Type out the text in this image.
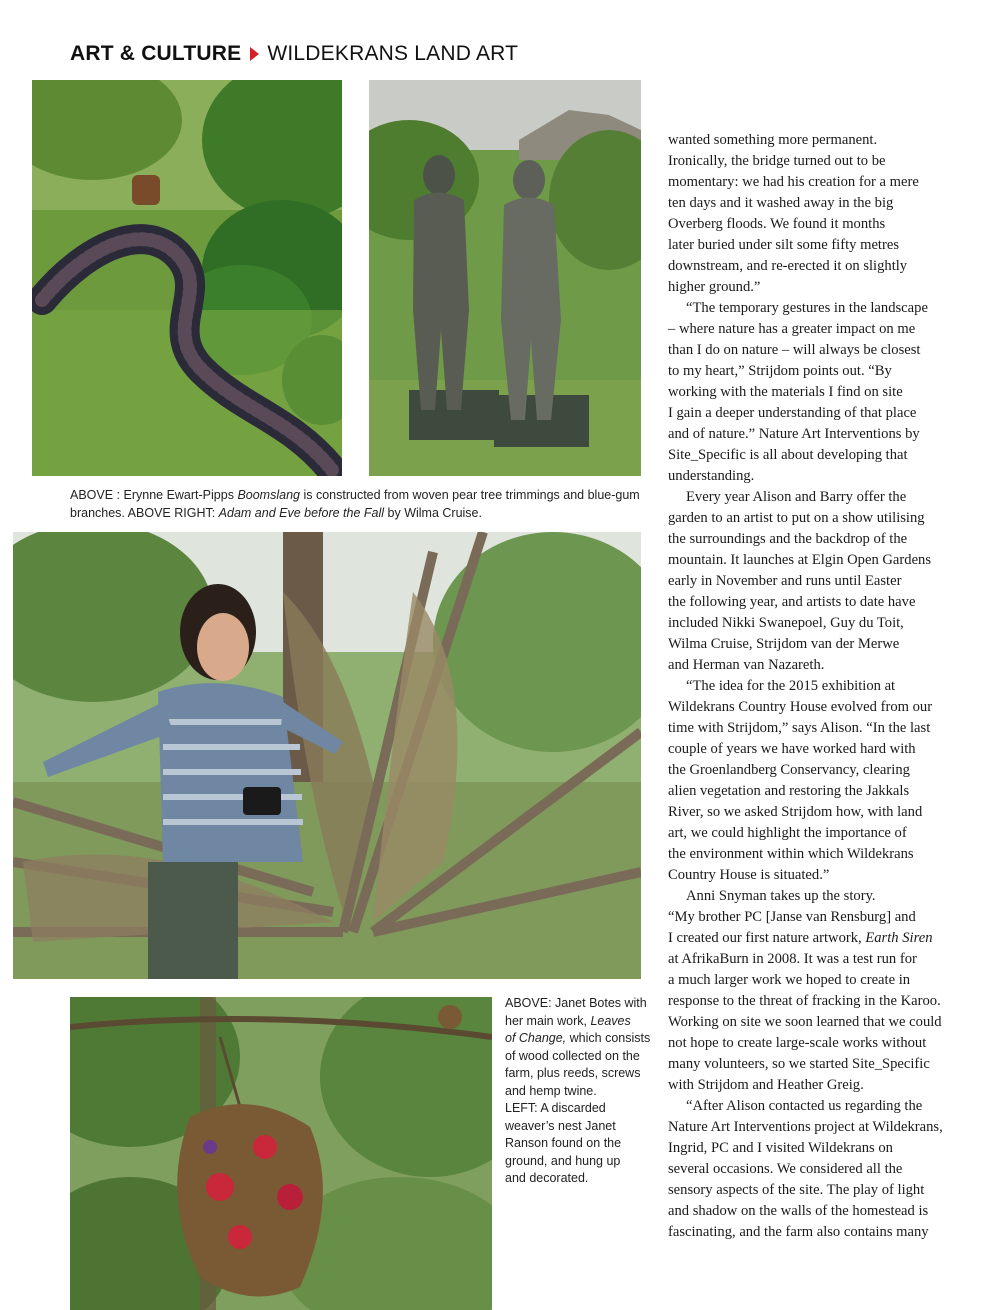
ART & CULTURE WILDEKRANS LAND ART

ABOVE : Erynne Ewart-Pipps Boomslang is constructed from woven pear tree trimmings and blue-gum

branches. ABOVE RIGHT: Adam and Eve before the Fall by Wilma Cruise.

ABOVE: Janet Botes with

her main work, Leaves

of Change, which consists

of wood collected on the

farm, plus reeds, screws

and hemp twine.

LEFT: A discarded

weaver’s nest Janet

Ranson found on the

ground, and hung up

and decorated.

wanted something more permanent.
Ironically, the bridge turned out to be
momentary: we had his creation for a mere
ten days and it washed away in the big
Overberg floods. We found it months
later buried under silt some fifty metres
downstream, and re-erected it on slightly
higher ground.”
“The temporary gestures in the landscape
– where nature has a greater impact on me
than I do on nature – will always be closest
to my heart,” Strijdom points out. “By
working with the materials I find on site
I gain a deeper understanding of that place
and of nature.” Nature Art Interventions by
Site_Specific is all about developing that
understanding.
Every year Alison and Barry offer the
garden to an artist to put on a show utilising
the surroundings and the backdrop of the
mountain. It launches at Elgin Open Gardens
early in November and runs until Easter
the following year, and artists to date have
included Nikki Swanepoel, Guy du Toit,
Wilma Cruise, Strijdom van der Merwe
and Herman van Nazareth.
“The idea for the 2015 exhibition at
Wildekrans Country House evolved from our
time with Strijdom,” says Alison. “In the last
couple of years we have worked hard with
the Groenlandberg Conservancy, clearing
alien vegetation and restoring the Jakkals
River, so we asked Strijdom how, with land
art, we could highlight the importance of
the environment within which Wildekrans
Country House is situated.”
Anni Snyman takes up the story.
“My brother PC [Janse van Rensburg] and
I created our first nature artwork, Earth Siren
at AfrikaBurn in 2008. It was a test run for
a much larger work we hoped to create in
response to the threat of fracking in the Karoo.
Working on site we soon learned that we could
not hope to create large-scale works without
many volunteers, so we started Site_Specific
with Strijdom and Heather Greig.
“After Alison contacted us regarding the
Nature Art Interventions project at Wildekrans,
Ingrid, PC and I visited Wildekrans on
several occasions. We considered all the
sensory aspects of the site. The play of light
and shadow on the walls of the homestead is
fascinating, and the farm also contains many
